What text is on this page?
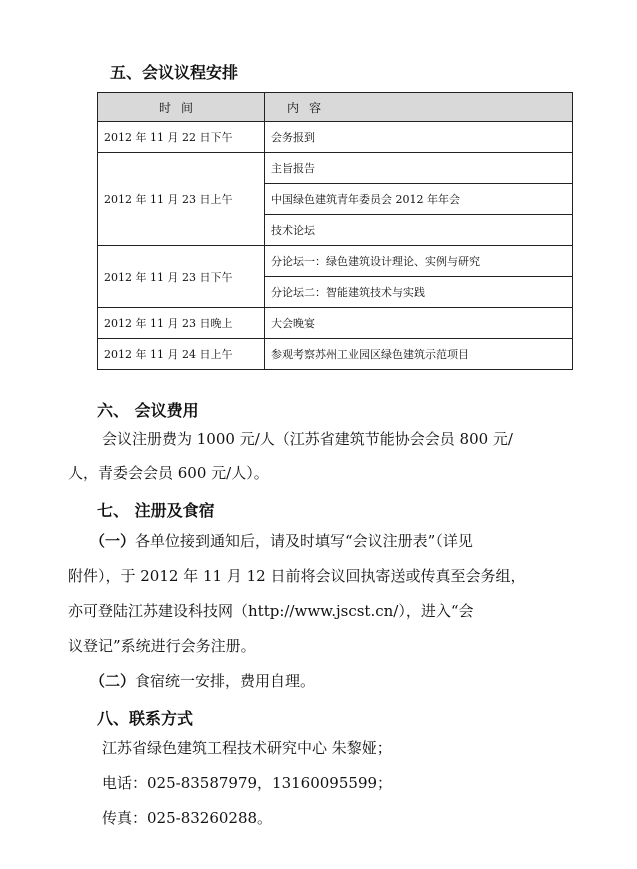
五、会议议程安排
时间	内容
2012 年 11 月 22 日下午	会务报到
2012 年 11 月 23 日上午	主旨报告
	中国绿色建筑青年委员会 2012 年年会
	技术论坛
2012 年 11 月 23 日下午	分论坛一：绿色建筑设计理论、实例与研究
	分论坛二：智能建筑技术与实践
2012 年 11 月 23 日晚上	大会晚宴
2012 年 11 月 24 日上午	参观考察苏州工业园区绿色建筑示范项目
六、 会议费用
会议注册费为 1000 元/人（江苏省建筑节能协会会员 800 元/
人，青委会会员 600 元/人）。
七、 注册及食宿
（一）各单位接到通知后，请及时填写“会议注册表”（详见
附件），于 2012 年 11 月 12 日前将会议回执寄送或传真至会务组，
亦可登陆江苏建设科技网（http://www.jscst.cn/），进入“会
议登记”系统进行会务注册。
（二）食宿统一安排，费用自理。
八、联系方式
江苏省绿色建筑工程技术研究中心 朱黎娅；
电话：025-83587979，13160095599；
传真：025-83260288。
